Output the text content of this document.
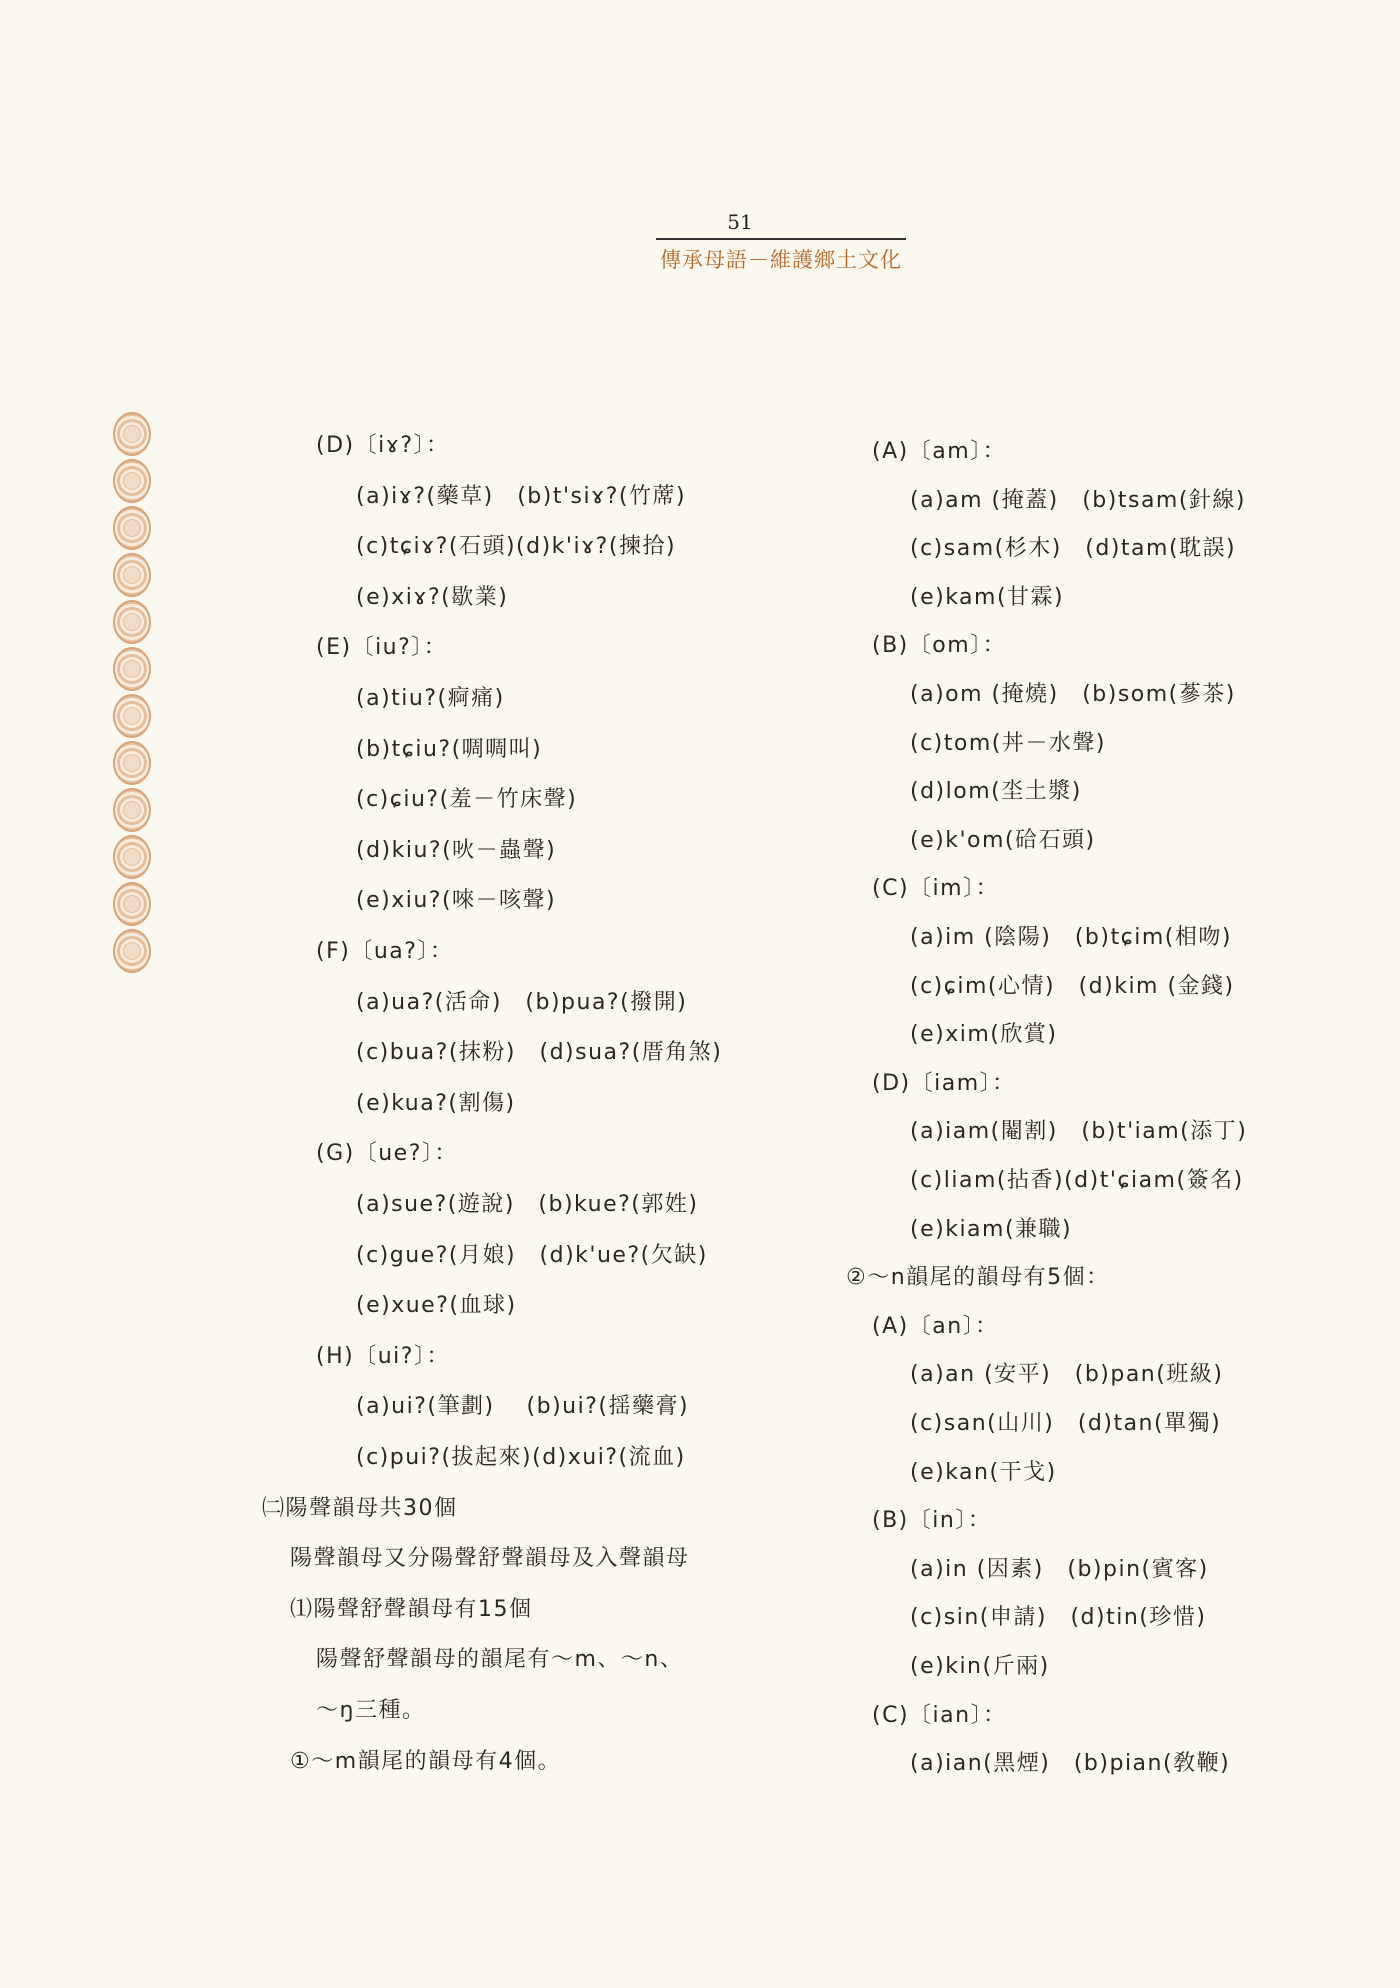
51
傳承母語－維護鄉土文化
(D)〔iɤ?〕：
(a)iɤ?(藥草)　(b)t'siɤ?(竹蓆)
(c)tɕiɤ?(石頭)(d)k'iɤ?(揀拾)
(e)xiɤ?(歇業)
(E)〔iu?〕：
(a)tiu?(痾痛)
(b)tɕiu?(啁啁叫)
(c)ɕiu?(羞－竹床聲)
(d)kiu?(吙－蟲聲)
(e)xiu?(唻－咳聲)
(F)〔ua?〕：
(a)ua?(活命)　(b)pua?(撥開)
(c)bua?(抹粉)　(d)sua?(厝角煞)
(e)kua?(割傷)
(G)〔ue?〕：
(a)sue?(遊說)　(b)kue?(郭姓)
(c)gue?(月娘)　(d)k'ue?(欠缺)
(e)xue?(血球)
(H)〔ui?〕：
(a)ui?(筆劃)　 (b)ui?(揺藥膏)
(c)pui?(拔起來)(d)xui?(流血)
㈡陽聲韻母共30個
陽聲韻母又分陽聲舒聲韻母及入聲韻母
⑴陽聲舒聲韻母有15個
陽聲舒聲韻母的韻尾有～m、～n、
～ŋ三種。
①～m韻尾的韻母有4個。
(A)〔am〕：
(a)am (掩蓋)　(b)tsam(針線)
(c)sam(杉木)　(d)tam(耽誤)
(e)kam(甘霖)
(B)〔om〕：
(a)om (掩燒)　(b)som(蔘茶)
(c)tom(丼－水聲)
(d)lom(坔土漿)
(e)k'om(硆石頭)
(C)〔im〕：
(a)im (陰陽)　(b)tɕim(相吻)
(c)ɕim(心情)　(d)kim (金錢)
(e)xim(欣賞)
(D)〔iam〕：
(a)iam(閹割)　(b)t'iam(添丁)
(c)liam(拈香)(d)t'ɕiam(簽名)
(e)kiam(兼職)
②～n韻尾的韻母有5個：
(A)〔an〕：
(a)an (安平)　(b)pan(班級)
(c)san(山川)　(d)tan(單獨)
(e)kan(干戈)
(B)〔in〕：
(a)in (因素)　(b)pin(賓客)
(c)sin(申請)　(d)tin(珍惜)
(e)kin(斤兩)
(C)〔ian〕：
(a)ian(黑煙)　(b)pian(敎鞭)
